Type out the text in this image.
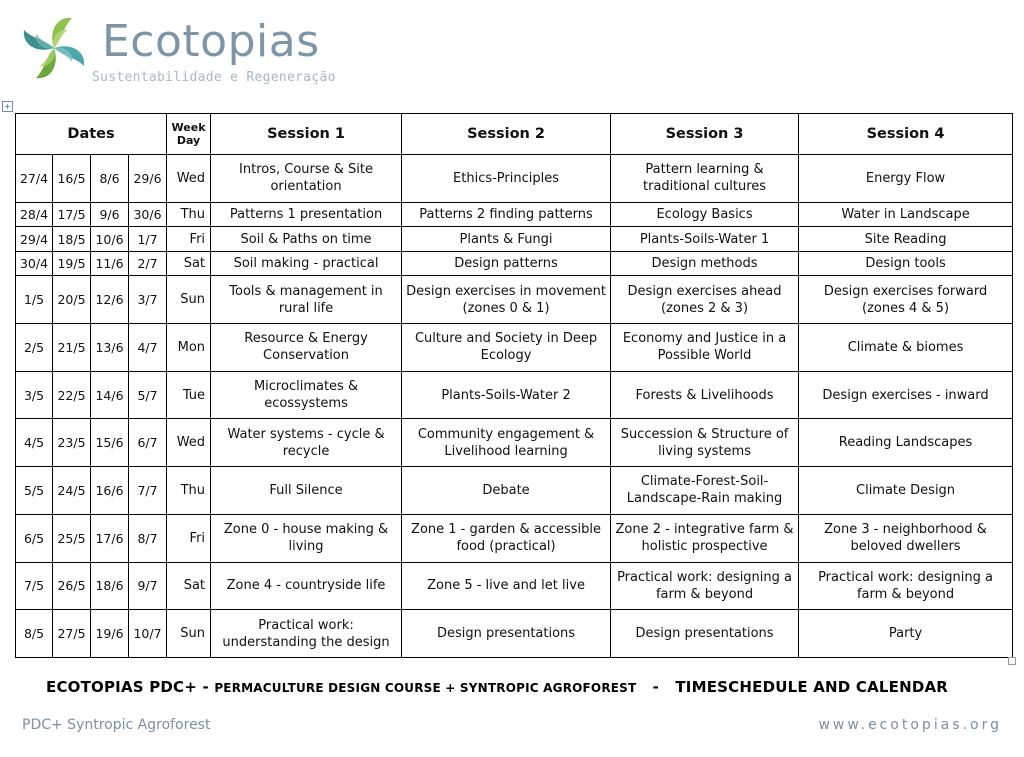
Ecotopias
Sustentabilidade e Regeneração
+
Dates				Week Day	Session 1	Session 2	Session 3	Session 4
27/4	16/5	8/6	29/6	Wed	Intros, Course & Site orientation	Ethics-Principles	Pattern learning & traditional cultures	Energy Flow
28/4	17/5	9/6	30/6	Thu	Patterns 1 presentation	Patterns 2 finding patterns	Ecology Basics	Water in Landscape
29/4	18/5	10/6	1/7	Fri	Soil & Paths on time	Plants & Fungi	Plants-Soils-Water 1	Site Reading
30/4	19/5	11/6	2/7	Sat	Soil making - practical	Design patterns	Design methods	Design tools
1/5	20/5	12/6	3/7	Sun	Tools & management in rural life	Design exercises in movement (zones 0 & 1)	Design exercises ahead (zones 2 & 3)	Design exercises forward (zones 4 & 5)
2/5	21/5	13/6	4/7	Mon	Resource & Energy Conservation	Culture and Society in Deep Ecology	Economy and Justice in a Possible World	Climate & biomes
3/5	22/5	14/6	5/7	Tue	Microclimates & ecossystems	Plants-Soils-Water 2	Forests & Livelihoods	Design exercises - inward
4/5	23/5	15/6	6/7	Wed	Water systems - cycle & recycle	Community engagement & Livelihood learning	Succession & Structure of living systems	Reading Landscapes
5/5	24/5	16/6	7/7	Thu	Full Silence	Debate	Climate-Forest-Soil-Landscape-Rain making	Climate Design
6/5	25/5	17/6	8/7	Fri	Zone 0 - house making & living	Zone 1 - garden & accessible food (practical)	Zone 2 - integrative farm & holistic prospective	Zone 3 - neighborhood & beloved dwellers
7/5	26/5	18/6	9/7	Sat	Zone 4 - countryside life	Zone 5 - live and let live	Practical work: designing a farm & beyond	Practical work: designing a farm & beyond
8/5	27/5	19/6	10/7	Sun	Practical work: understanding the design	Design presentations	Design presentations	Party
ECOTOPIAS PDC+ - PERMACULTURE DESIGN COURSE + SYNTROPIC AGROFOREST   -   TIMESCHEDULE AND CALENDAR
PDC+ Syntropic Agroforest	www.ecotopias.org
